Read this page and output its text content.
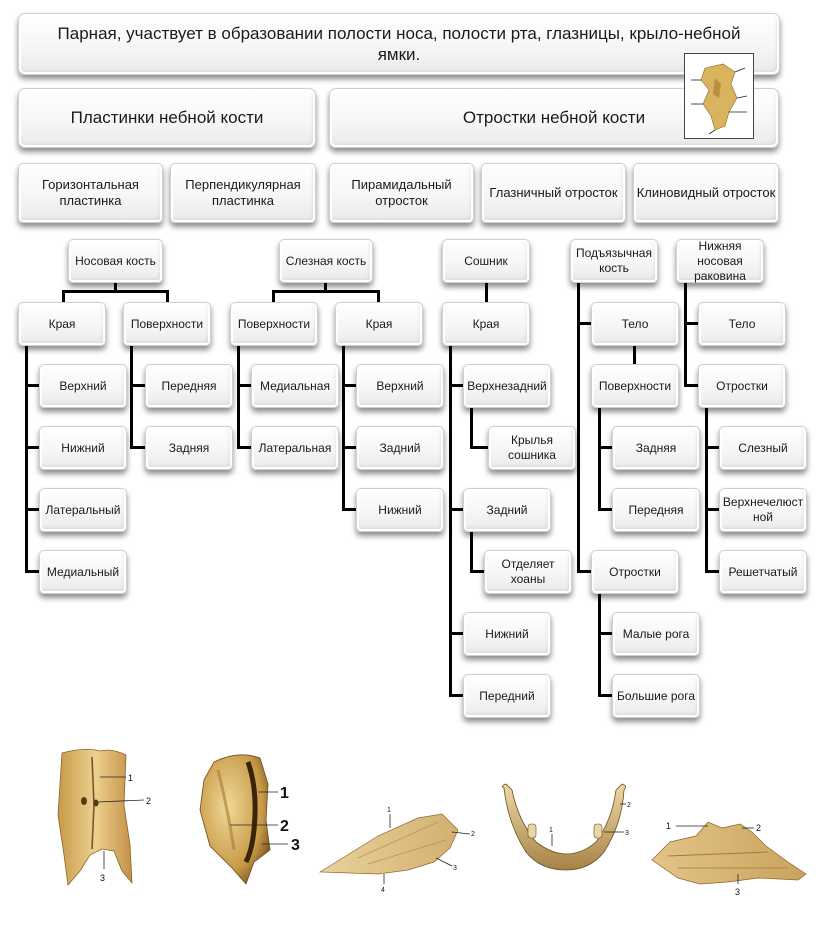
Парная, участвует в образовании полости носа, полости рта, глазницы, крыло-небной ямки.
Пластинки небной кости	Отростки небной кости
Горизонтальная пластинка
Перпендикулярная пластинка
Пирамидальный отросток
Глазничный отросток Клиновидный отросток
Носовая кость
Края	Поверхности
Верхний
Нижний
Латеральный
Медиальный
Передняя
Задняя
Слезная кость
Поверхности	Края
Медиальная
Латеральная
Верхний
Задний
Нижний
Сошник
Края
Верхнезадний
Крылья сошника
Задний
Отделяет хоаны
Нижний
Передний
Подъязычная кость
Тело
Поверхности
Задняя
Передняя
Отростки
Малые рога
Большие рога
Нижняя носовая раковина
Тело
Отростки
Слезный
Верхнечелюст ной
Решетчатый
1
2
3
1
2
3
1
2
3
4
1
2
3
1	2
3
